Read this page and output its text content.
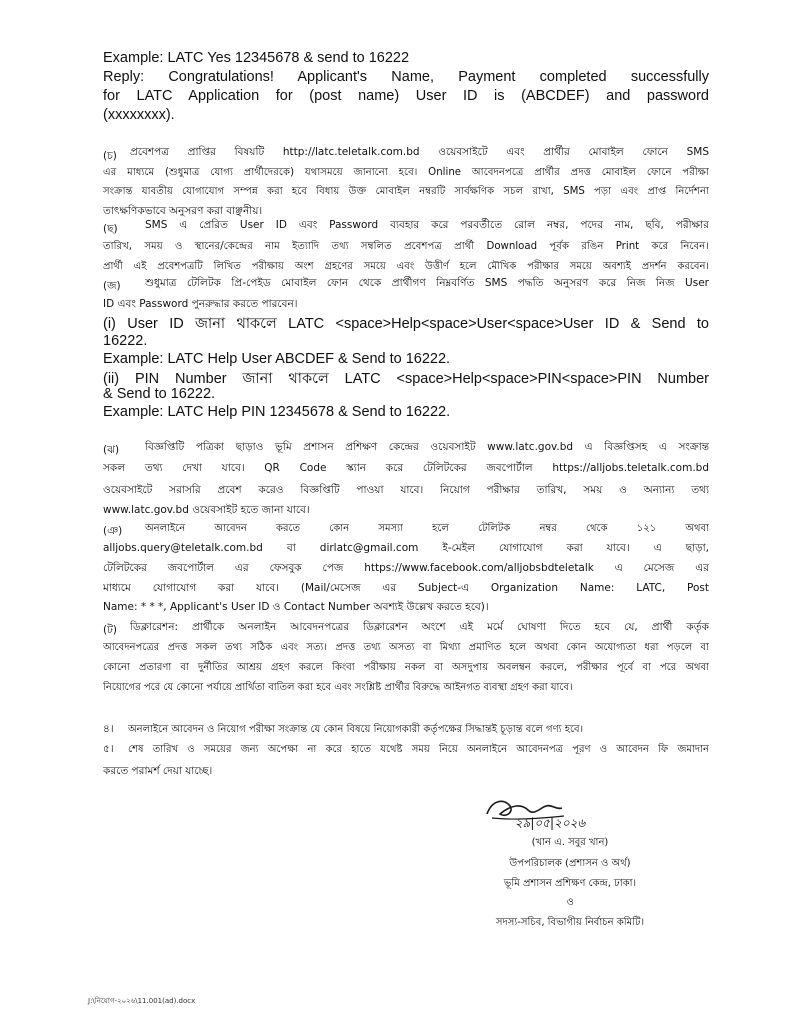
Example: LATC Yes 12345678 & send to 16222
Reply: Congratulations! Applicant's Name, Payment completed successfully
for LATC Application for (post name) User ID is (ABCDEF) and password
(xxxxxxxx).
(চ) প্রবেশপত্র প্রাপ্তির বিষয়টি http://latc.teletalk.com.bd ওয়েবসাইটে এবং প্রার্থীর মোবাইল ফোনে SMS
এর মাধ্যমে (শুধুমাত্র যোগ্য প্রার্থীদেরকে) যথাসময়ে জানানো হবে। Online আবেদনপত্রে প্রার্থীর প্রদত্ত মোবাইল ফোনে পরীক্ষা
সংক্রান্ত যাবতীয় যোগাযোগ সম্পন্ন করা হবে বিধায় উক্ত মোবাইল নম্বরটি সার্বক্ষণিক সচল রাখা, SMS পড়া এবং প্রাপ্ত নির্দেশনা
তাৎক্ষণিকভাবে অনুসরণ করা বাঞ্ছনীয়।
(ছ)	SMS এ প্রেরিত User ID এবং Password ব্যবহার করে পরবর্তীতে রোল নম্বর, পদের নাম, ছবি, পরীক্ষার
তারিখ, সময় ও স্থানের/কেন্দ্রের নাম ইত্যাদি তথ্য সম্বলিত প্রবেশপত্র প্রার্থী Download পূর্বক রঙিন Print করে নিবেন।
প্রার্থী এই প্রবেশপত্রটি লিখিত পরীক্ষায় অংশ গ্রহণের সময়ে এবং উত্তীর্ণ হলে মৌখিক পরীক্ষার সময়ে অবশ্যই প্রদর্শন করবেন।
(জ) শুধুমাত্র টেলিটক প্রি-পেইড মোবাইল ফোন থেকে প্রার্থীগণ নিম্নবর্ণিত SMS পদ্ধতি অনুসরণ করে নিজ নিজ User
ID এবং Password পুনরুদ্ধার করতে পারবেন।
(i) User ID জানা থাকলে LATC <space>Help<space>User<space>User ID & Send to
16222.
Example: LATC Help User ABCDEF & Send to 16222.
(ii) PIN Number জানা থাকলে LATC <space>Help<space>PIN<space>PIN Number
& Send to 16222.
Example: LATC Help PIN 12345678 & Send to 16222.
(ঝ) বিজ্ঞপ্তিটি পত্রিকা ছাড়াও ভূমি প্রশাসন প্রশিক্ষণ কেন্দ্রের ওয়েবসাইট www.latc.gov.bd এ বিজ্ঞপ্তিসহ এ সংক্রান্ত
সকল তথ্য দেখা যাবে। QR Code স্ক্যান করে টেলিটকের জবপোর্টাল https://alljobs.teletalk.com.bd
ওয়েবসাইটে সরাসরি প্রবেশ করেও বিজ্ঞপ্তিটি পাওয়া যাবে। নিয়োগ পরীক্ষার তারিখ, সময় ও অন্যান্য তথ্য
www.latc.gov.bd ওয়েবসাইট হতে জানা যাবে।
(ঞ) অনলাইনে আবেদন করতে কোন সমস্যা হলে টেলিটক নম্বর থেকে ১২১ অথবা
alljobs.query@teletalk.com.bd বা dirlatc@gmail.com ই-মেইল যোগাযোগ করা যাবে। এ ছাড়া,
টেলিটকের জবপোর্টাল এর ফেসবুক পেজ https://www.facebook.com/alljobsbdteletalk এ মেসেজ এর
মাধ্যমে যোগাযোগ করা যাবে। (Mail/মেসেজ এর Subject-এ Organization Name: LATC, Post
Name: * * *, Applicant's User ID ও Contact Number অবশ্যই উল্লেখ করতে হবে)।
(ট) ডিক্লারেশন: প্রার্থীকে অনলাইন আবেদনপত্রের ডিক্লারেশন অংশে এই মর্মে ঘোষণা দিতে হবে যে, প্রার্থী কর্তৃক
আবেদনপত্রের প্রদত্ত সকল তথ্য সঠিক এবং সত্য। প্রদত্ত তথ্য অসত্য বা মিথ্যা প্রমাণিত হলে অথবা কোন অযোগ্যতা ধরা পড়লে বা
কোনো প্রতারণা বা দুর্নীতির আশ্রয় গ্রহণ করলে কিংবা পরীক্ষায় নকল বা অসদুপায় অবলম্বন করলে, পরীক্ষার পূর্বে বা পরে অথবা
নিয়োগের পরে যে কোনো পর্যায়ে প্রার্থিতা বাতিল করা হবে এবং সংশ্লিষ্ট প্রার্থীর বিরুদ্ধে আইনগত ব্যবস্থা গ্রহণ করা যাবে।
৪। অনলাইনে আবেদন ও নিয়োগ পরীক্ষা সংক্রান্ত যে কোন বিষয়ে নিয়োগকারী কর্তৃপক্ষের সিদ্ধান্তই চূড়ান্ত বলে গণ্য হবে।
৫। শেষ তারিখ ও সময়ের জন্য অপেক্ষা না করে হাতে যথেষ্ট সময় নিয়ে অনলাইনে আবেদনপত্র পূরণ ও আবেদন ফি জমাদান
করতে পরামর্শ দেয়া যাচ্ছে।
২৯|০৫|২০২৬
(খান এ. সবুর খান)
উপপরিচালক (প্রশাসন ও অর্থ)
ভূমি প্রশাসন প্রশিক্ষণ কেন্দ্র, ঢাকা।
ও
সদস্য-সচিব, বিভাগীয় নির্বাচন কমিটি।
J:\নিয়োগ-২০২৬\11.001(ad).docx
